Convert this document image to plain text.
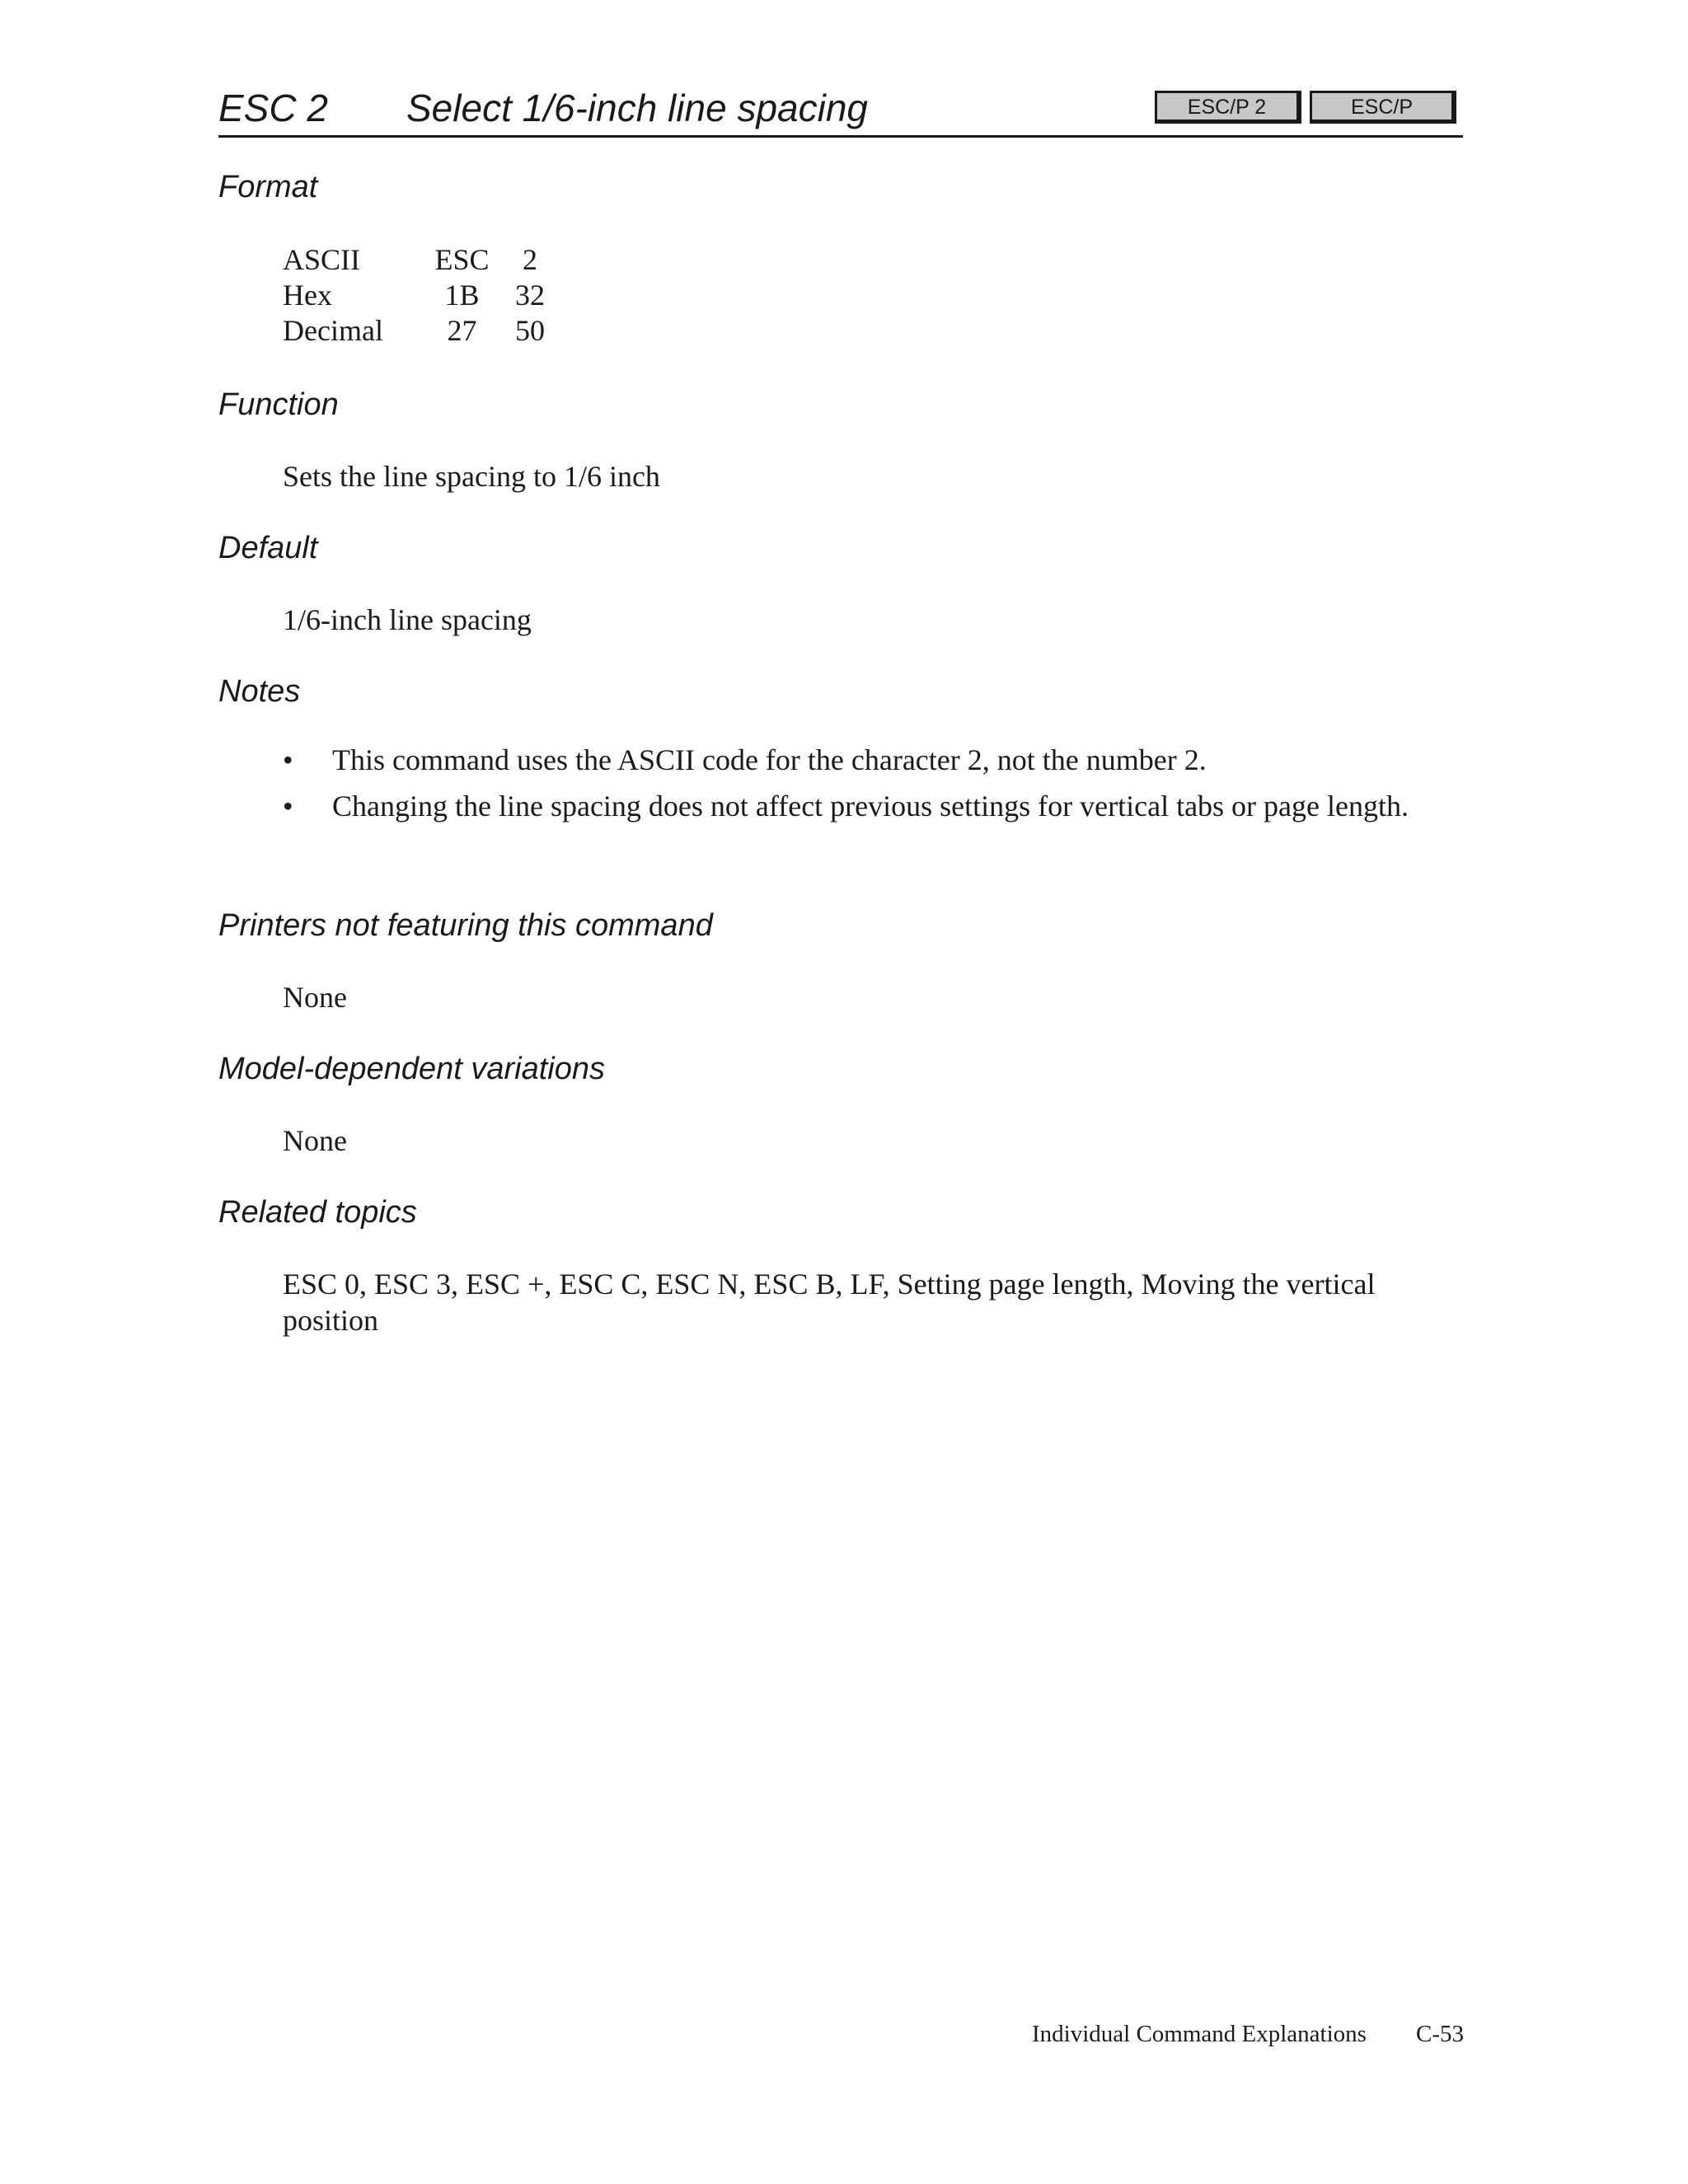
ESC 2 Select 1/6-inch line spacing	ESC/P 2	ESC/P
Format
ASCII	ESC	2
Hex	1B	32
Decimal	27	50
Function
Sets the line spacing to 1/6 inch
Default
1/6-inch line spacing
Notes
• This command uses the ASCII code for the character 2, not the number 2.
• Changing the line spacing does not affect previous settings for vertical tabs or page length.
Printers not featuring this command
None
Model-dependent variations
None
Related topics
ESC 0, ESC 3, ESC +, ESC C, ESC N, ESC B, LF, Setting page length, Moving the vertical position
Individual Command Explanations C-53
